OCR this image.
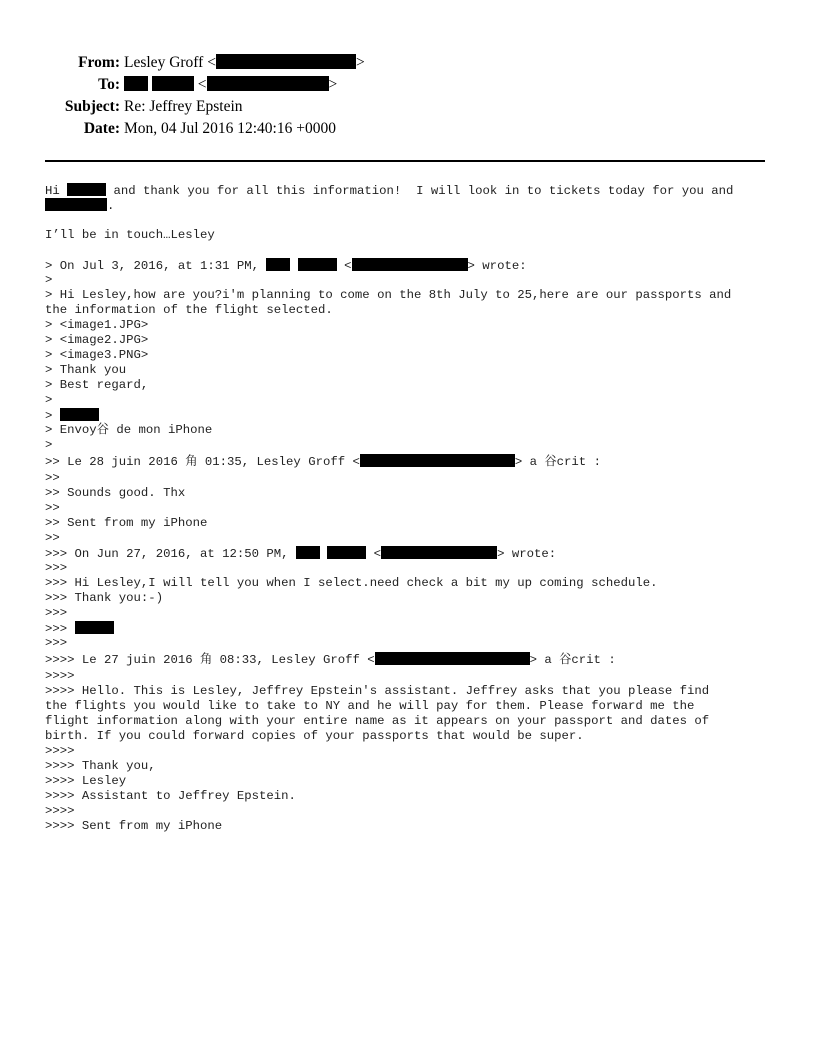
From: Lesley Groff <	>
To:	<	>
Subject: Re: Jeffrey Epstein
Date: Mon, 04 Jul 2016 12:40:16 +0000
Hi	and thank you for all this information!  I will look in to tickets today for you and
.
I’ll be in touch…Lesley
> On Jul 3, 2016, at 1:31 PM,	<	> wrote:
>
> Hi Lesley,how are you?i'm planning to come on the 8th July to 25,here are our passports and
the information of the flight selected.
> <image1.JPG>
> <image2.JPG>
> <image3.PNG>
> Thank you
> Best regard,
>
>
> Envoy谷 de mon iPhone
>
>> Le 28 juin 2016 角 01:35, Lesley Groff <	> a 谷crit :
>>
>> Sounds good. Thx
>>
>> Sent from my iPhone
>>
>>> On Jun 27, 2016, at 12:50 PM,	<	> wrote:
>>>
>>> Hi Lesley,I will tell you when I select.need check a bit my up coming schedule.
>>> Thank you:-)
>>>
>>>
>>>
>>>> Le 27 juin 2016 角 08:33, Lesley Groff <	> a 谷crit :
>>>>
>>>> Hello. This is Lesley, Jeffrey Epstein's assistant. Jeffrey asks that you please find
the flights you would like to take to NY and he will pay for them. Please forward me the
flight information along with your entire name as it appears on your passport and dates of
birth. If you could forward copies of your passports that would be super.
>>>>
>>>> Thank you,
>>>> Lesley
>>>> Assistant to Jeffrey Epstein.
>>>>
>>>> Sent from my iPhone
